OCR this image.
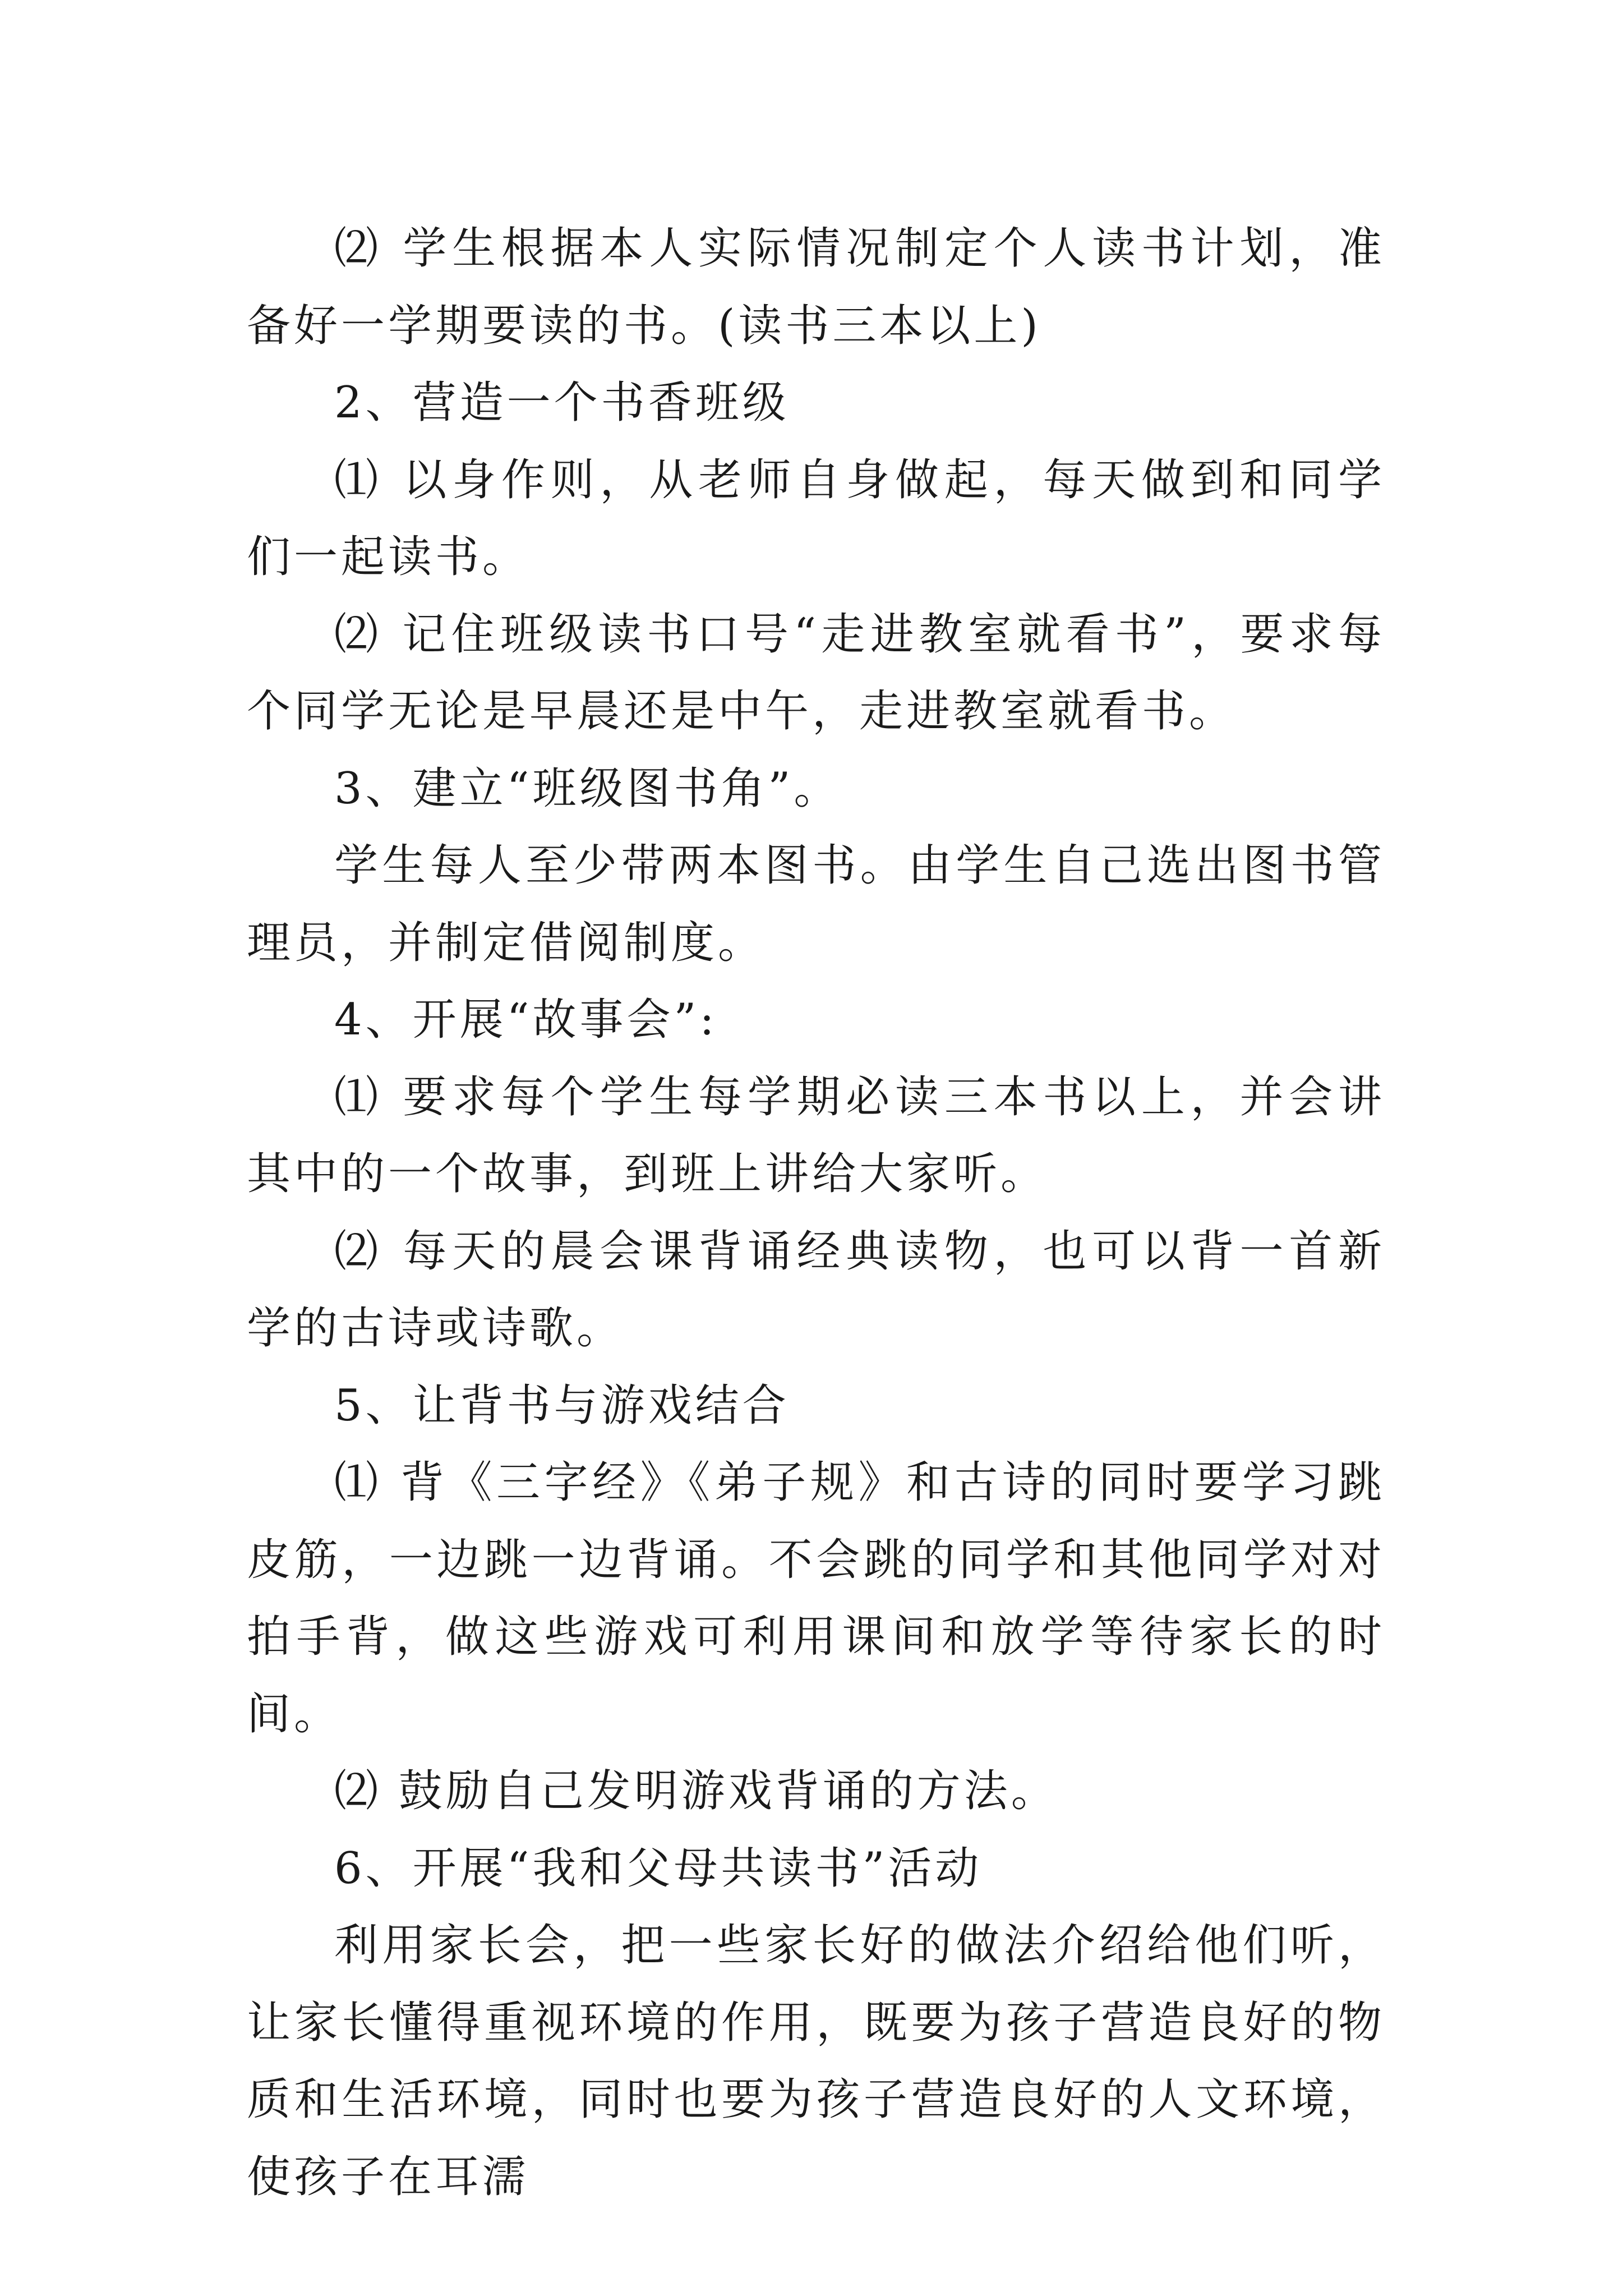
⑵ 学生根据本人实际情况制定个人读书计划，准备好一学期要读的书。(读书三本以上)

2、营造一个书香班级

⑴ 以身作则，从老师自身做起，每天做到和同学们一起读书。

⑵ 记住班级读书口号“走进教室就看书”，要求每个同学无论是早晨还是中午，走进教室就看书。

3、建立“班级图书角”。

学生每人至少带两本图书。由学生自己选出图书管理员，并制定借阅制度。

4、开展“故事会”:

⑴ 要求每个学生每学期必读三本书以上，并会讲其中的一个故事，到班上讲给大家听。

⑵ 每天的晨会课背诵经典读物，也可以背一首新学的古诗或诗歌。

5、让背书与游戏结合

⑴ 背《三字经》《弟子规》和古诗的同时要学习跳皮筋，一边跳一边背诵。不会跳的同学和其他同学对对拍手背，做这些游戏可利用课间和放学等待家长的时间。

⑵ 鼓励自己发明游戏背诵的方法。

6、开展“我和父母共读书”活动

利用家长会，把一些家长好的做法介绍给他们听，让家长懂得重视环境的作用，既要为孩子营造良好的物质和生活环境，同时也要为孩子营造良好的人文环境，使孩子在耳濡
